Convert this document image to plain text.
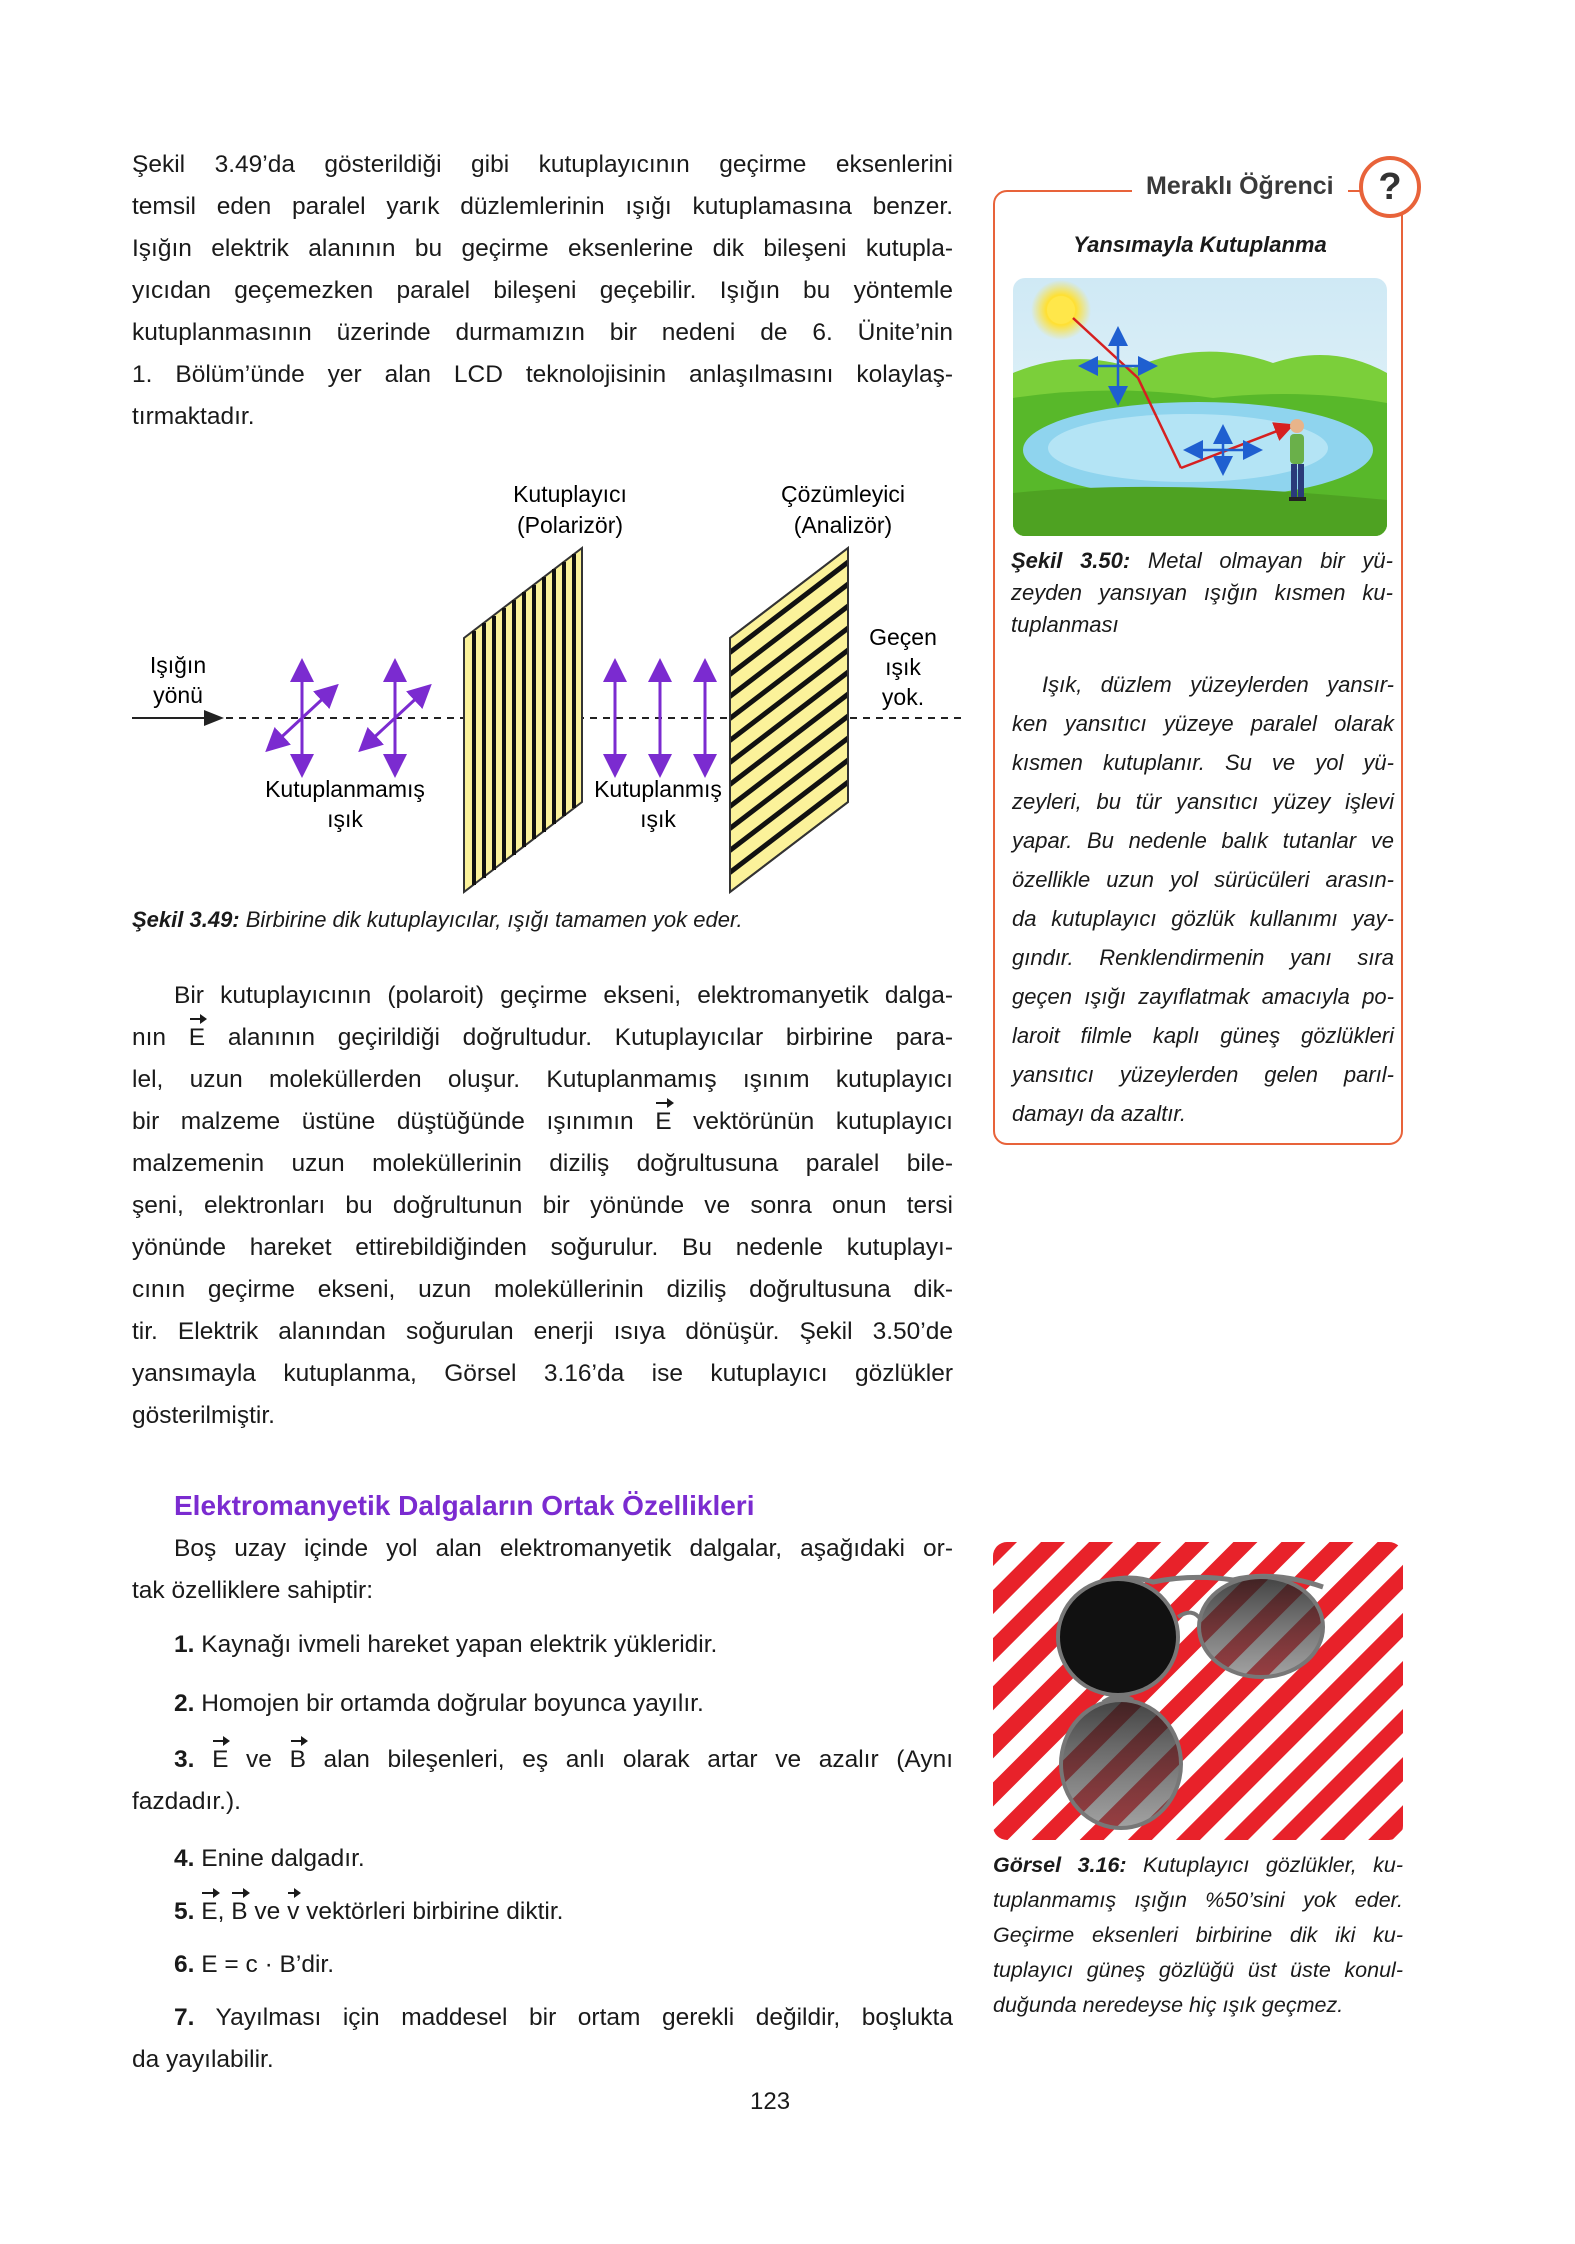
Şekil 3.49’da gösterildiği gibi kutuplayıcının geçirme eksenlerini
temsil eden paralel yarık düzlemlerinin ışığı kutuplamasına benzer.
Işığın elektrik alanının bu geçirme eksenlerine dik bileşeni kutupla-
yıcıdan geçemezken paralel bileşeni geçebilir. Işığın bu yöntemle
kutuplanmasının üzerinde durmamızın bir nedeni de 6. Ünite’nin
1. Bölüm’ünde yer alan LCD teknolojisinin anlaşılmasını kolaylaş-
tırmaktadır.
Kutuplayıcı
(Polarizör)
Çözümleyici
(Analizör)
Işığın
yönü
Geçen
ışık
yok.
Kutuplanmamış
ışık
Kutuplanmış
ışık
Şekil 3.49: Birbirine dik kutuplayıcılar, ışığı tamamen yok eder.
Bir kutuplayıcının (polaroit) geçirme ekseni, elektromanyetik dalga-
nın E alanının geçirildiği doğrultudur. Kutuplayıcılar birbirine para-
lel, uzun moleküllerden oluşur. Kutuplanmamış ışınım kutuplayıcı
bir malzeme üstüne düştüğünde ışınımın E vektörünün kutuplayıcı
malzemenin uzun moleküllerinin diziliş doğrultusuna paralel bile-
şeni, elektronları bu doğrultunun bir yönünde ve sonra onun tersi
yönünde hareket ettirebildiğinden soğurulur. Bu nedenle kutuplayı-
cının geçirme ekseni, uzun moleküllerinin diziliş doğrultusuna dik-
tir. Elektrik alanından soğurulan enerji ısıya dönüşür. Şekil 3.50’de
yansımayla kutuplanma, Görsel 3.16’da ise kutuplayıcı gözlükler
gösterilmiştir.
Elektromanyetik Dalgaların Ortak Özellikleri
Boş uzay içinde yol alan elektromanyetik dalgalar, aşağıdaki or-
tak özelliklere sahiptir:
1. Kaynağı ivmeli hareket yapan elektrik yükleridir.
2. Homojen bir ortamda doğrular boyunca yayılır.
3. E ve B alan bileşenleri, eş anlı olarak artar ve azalır (Aynı
fazdadır.).
4. Enine dalgadır.
5. E, B ve v vektörleri birbirine diktir.
6. E = c · B’dir.
7. Yayılması için maddesel bir ortam gerekli değildir, boşlukta
da yayılabilir.
Meraklı Öğrenci	?
Yansımayla Kutuplanma
Şekil 3.50: Metal olmayan bir yü-
zeyden yansıyan ışığın kısmen ku-
tuplanması
Işık, düzlem yüzeylerden yansır-
ken yansıtıcı yüzeye paralel olarak
kısmen kutuplanır. Su ve yol yü-
zeyleri, bu tür yansıtıcı yüzey işlevi
yapar. Bu nedenle balık tutanlar ve
özellikle uzun yol sürücüleri arasın-
da kutuplayıcı gözlük kullanımı yay-
gındır. Renklendirmenin yanı sıra
geçen ışığı zayıflatmak amacıyla po-
laroit filmle kaplı güneş gözlükleri
yansıtıcı yüzeylerden gelen parıl-
damayı da azaltır.
Görsel 3.16: Kutuplayıcı gözlükler, ku-
tuplanmamış ışığın %50’sini yok eder.
Geçirme eksenleri birbirine dik iki ku-
tuplayıcı güneş gözlüğü üst üste konul-
duğunda neredeyse hiç ışık geçmez.
123
